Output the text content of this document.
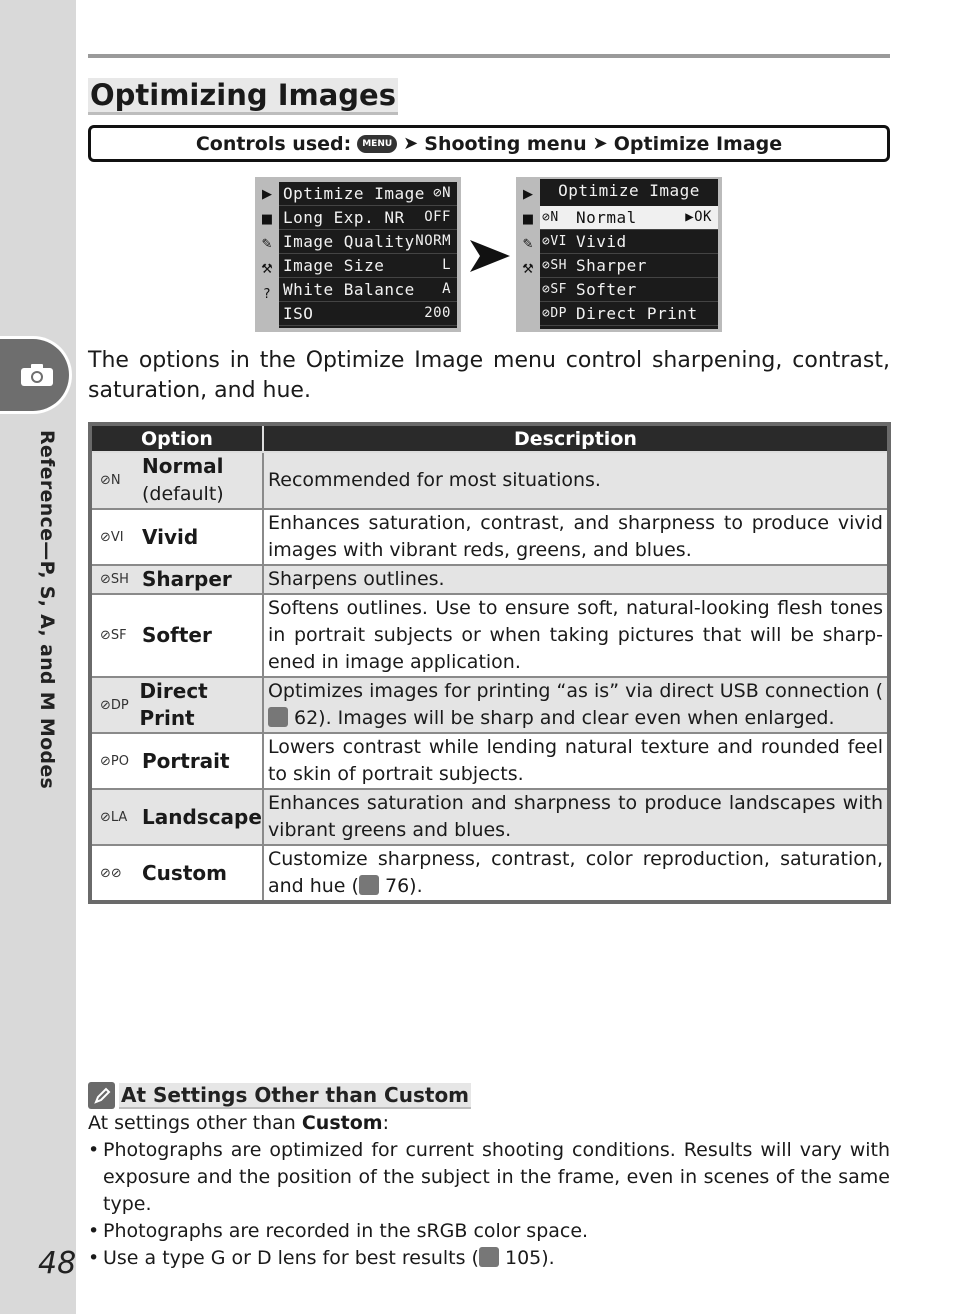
Reference—P, S, A, and M Modes
48
Optimizing Images
Controls used:	MENU ➤ Shooting menu ➤ Optimize Image
▶
■
✎
⚒
?
Optimize Image ⊘N
Long Exp. NR OFF
Image Quality NORM
Image Size	L
White Balance A
ISO	200
▶
■
✎
⚒
Optimize Image
⊘N	Normal	▶OK
⊘VI Vivid
⊘SH Sharper
⊘SF Softer
⊘DP Direct Print

The options in the Optimize Image menu control sharpening, contrast, saturation, and hue.

Option	Description

⊘N
Normal
(default)	Recommended for most situations.

⊘VI Vivid	Enhances saturation, contrast, and sharpness to produce vivid images with vibrant reds, greens, and blues.

⊘SH Sharper	Sharpens outlines.

⊘SF Softer	Softens outlines. Use to ensure soft, natural-looking flesh tones in portrait subjects or when taking pictures that will be sharp-ened in image application.

⊘DP
Direct Print	Optimizes images for printing “as is” via direct USB connection ( 62). Images will be sharp and clear even when enlarged.

⊘PO Portrait	Lowers contrast while lending natural texture and rounded feel to skin of portrait subjects.

⊘LA Landscape	Enhances saturation and sharpness to produce landscapes with vibrant greens and blues.

⊘⊘ Custom	Customize sharpness, contrast, color reproduction, saturation, and hue ( 76).
At Settings Other than Custom

At settings other than Custom:

• Photographs are optimized for current shooting conditions. Results will vary with exposure and the position of the subject in the frame, even in scenes of the same type.
• Photographs are recorded in the sRGB color space.
• Use a type G or D lens for best results ( 105).
